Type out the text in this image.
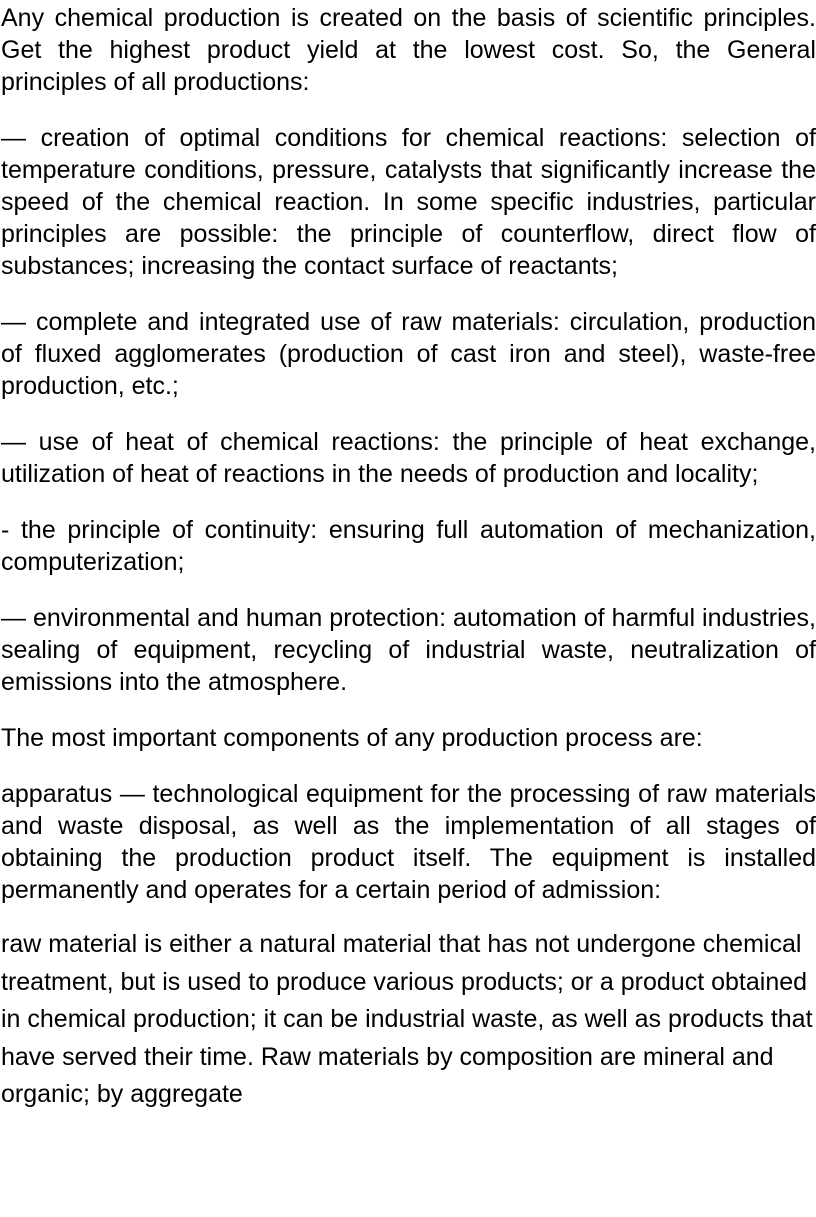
Any chemical production is created on the basis of scientific principles. Get the highest product yield at the lowest cost. So, the General principles of all productions:

— creation of optimal conditions for chemical reactions: selection of temperature conditions, pressure, catalysts that significantly increase the speed of the chemical reaction. In some specific industries, particular principles are possible: the principle of counterflow, direct flow of substances; increasing the contact surface of reactants;

— complete and integrated use of raw materials: circulation, production of fluxed agglomerates (production of cast iron and steel), waste-free production, etc.;

— use of heat of chemical reactions: the principle of heat exchange, utilization of heat of reactions in the needs of production and locality;

- the principle of continuity: ensuring full automation of mechanization, computerization;

— environmental and human protection: automation of harmful industries, sealing of equipment, recycling of industrial waste, neutralization of emissions into the atmosphere.

The most important components of any production process are:

apparatus — technological equipment for the processing of raw materials and waste disposal, as well as the implementation of all stages of obtaining the production product itself. The equipment is installed permanently and operates for a certain period of admission:

raw material is either a natural material that has not undergone chemical treatment, but is used to produce various products; or a product obtained in chemical production; it can be industrial waste, as well as products that have served their time. Raw materials by composition are mineral and organic; by aggregate
